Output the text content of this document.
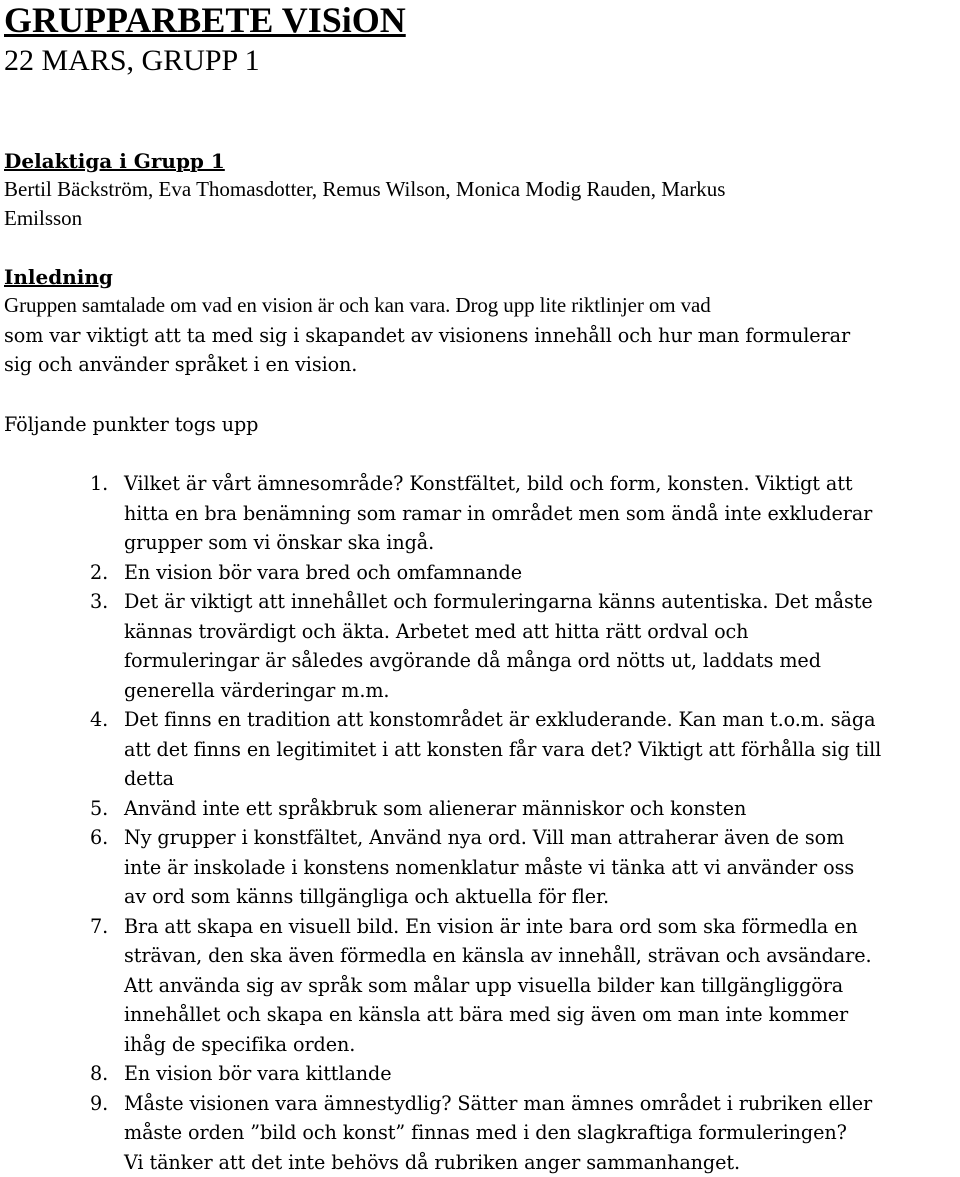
GRUPPARBETE VISiON
22 MARS, GRUPP 1
Delaktiga i Grupp 1
Bertil Bäckström, Eva Thomasdotter, Remus Wilson, Monica Modig Rauden, Markus
Emilsson
Inledning
Gruppen samtalade om vad en vision är och kan vara. Drog upp lite riktlinjer om vad
som var viktigt att ta med sig i skapandet av visionens innehåll och hur man formulerar
sig och använder språket i en vision.
Följande punkter togs upp
1. Vilket är vårt ämnesområde? Konstfältet, bild och form, konsten. Viktigt att
hitta en bra benämning som ramar in området men som ändå inte exkluderar
grupper som vi önskar ska ingå.
2. En vision bör vara bred och omfamnande
3. Det är viktigt att innehållet och formuleringarna känns autentiska. Det måste
kännas trovärdigt och äkta. Arbetet med att hitta rätt ordval och
formuleringar är således avgörande då många ord nötts ut, laddats med
generella värderingar m.m.
4. Det finns en tradition att konstområdet är exkluderande. Kan man t.o.m. säga
att det finns en legitimitet i att konsten får vara det? Viktigt att förhålla sig till
detta
5. Använd inte ett språkbruk som alienerar människor och konsten
6. Ny grupper i konstfältet, Använd nya ord. Vill man attraherar även de som
inte är inskolade i konstens nomenklatur måste vi tänka att vi använder oss
av ord som känns tillgängliga och aktuella för fler.
7. Bra att skapa en visuell bild. En vision är inte bara ord som ska förmedla en
strävan, den ska även förmedla en känsla av innehåll, strävan och avsändare.
Att använda sig av språk som målar upp visuella bilder kan tillgängliggöra
innehållet och skapa en känsla att bära med sig även om man inte kommer
ihåg de specifika orden.
8. En vision bör vara kittlande
9. Måste visionen vara ämnestydlig? Sätter man ämnes området i rubriken eller
måste orden ”bild och konst” finnas med i den slagkraftiga formuleringen?
Vi tänker att det inte behövs då rubriken anger sammanhanget.
